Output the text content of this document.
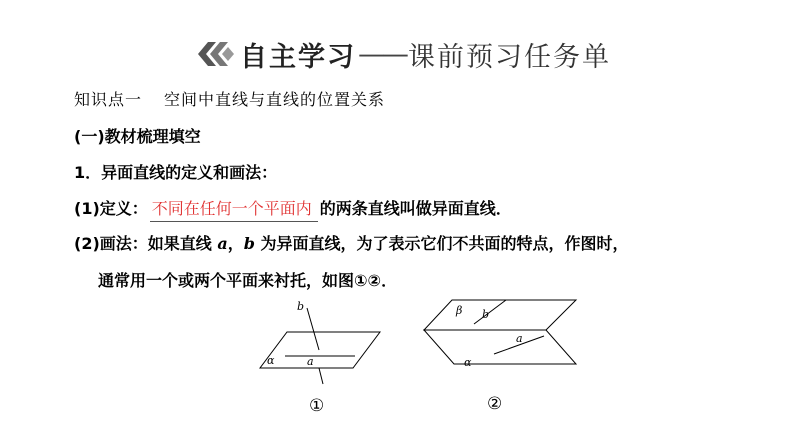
自主学习 —— 课前预习任务单
知识点一 空间中直线与直线的位置关系
(一)教材梳理填空
1．异面直线的定义和画法：
(1)定义： 不同在任何一个平面内 的两条直线叫做异面直线．
(2)画法：如果直线 a，b 为异面直线，为了表示它们不共面的特点，作图时，
通常用一个或两个平面来衬托，如图①②．
b
a
α
①
β b
a
α
②
